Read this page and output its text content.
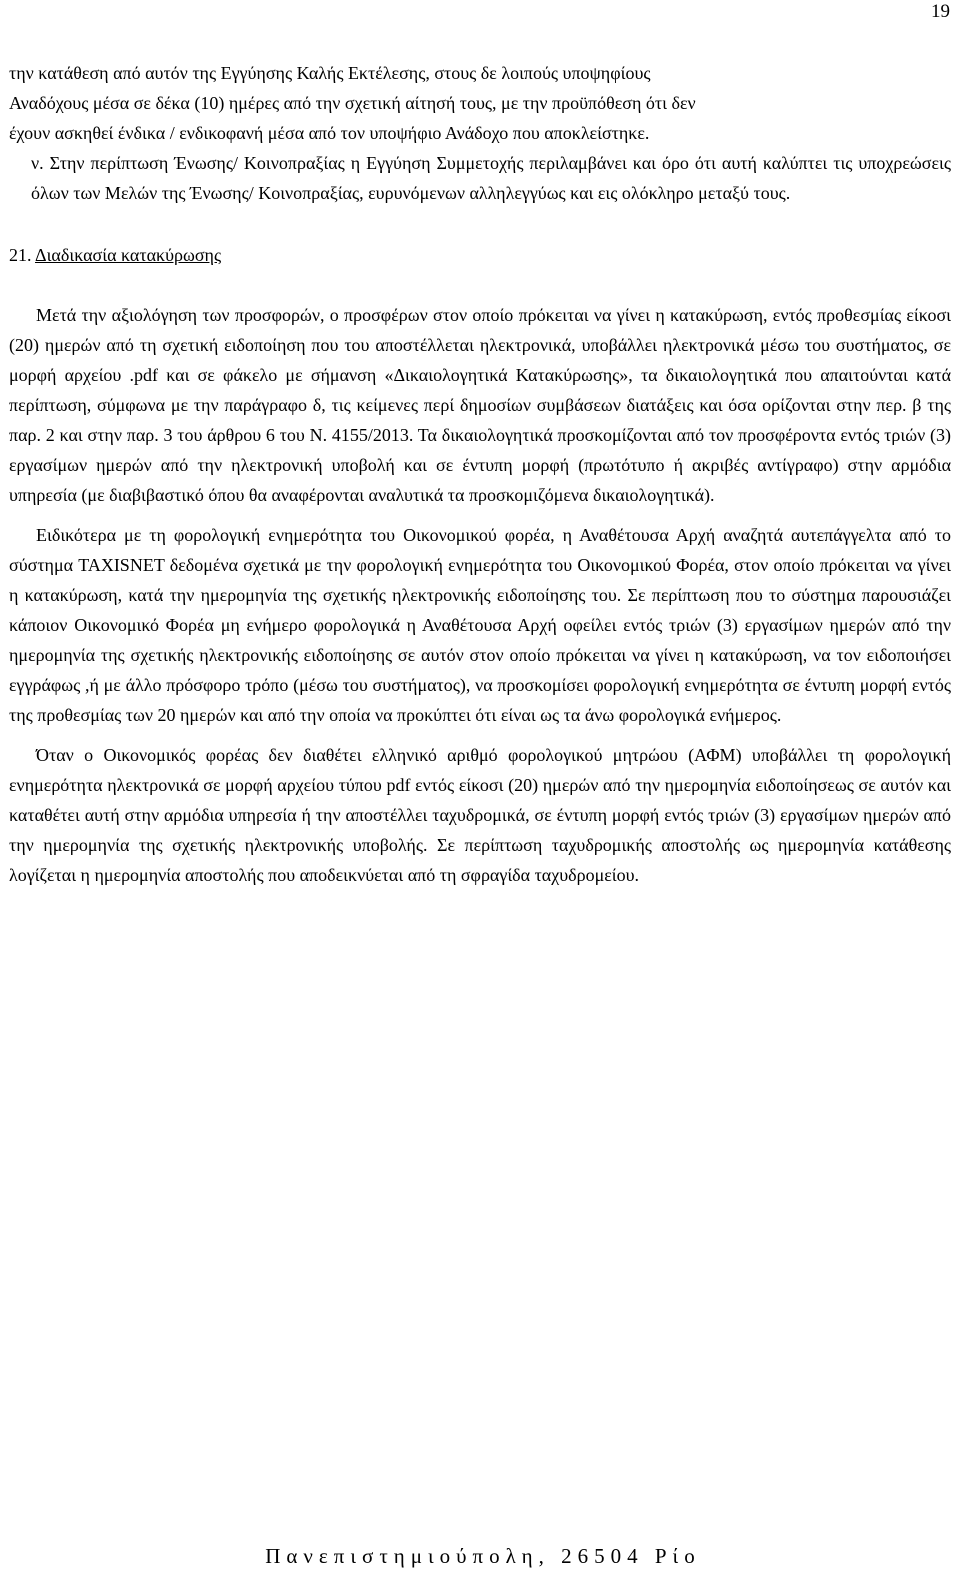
19
την κατάθεση από αυτόν της Εγγύησης Καλής Εκτέλεσης, στους δε λοιπούς υποψηφίους
Αναδόχους μέσα σε δέκα (10) ημέρες από την σχετική αίτησή τους, με την προϋπόθεση ότι δεν
έχουν ασκηθεί ένδικα / ενδικοφανή μέσα από τον υποψήφιο Ανάδοχο που αποκλείστηκε.

ν. Στην περίπτωση Ένωσης/ Κοινοπραξίας η Εγγύηση Συμμετοχής περιλαμβάνει και όρο ότι αυτή καλύπτει τις υποχρεώσεις όλων των Μελών της Ένωσης/ Κοινοπραξίας, ευρυνόμενων αλληλεγγύως και εις ολόκληρο μεταξύ τους.

21. Διαδικασία κατακύρωσης

Μετά την αξιολόγηση των προσφορών, ο προσφέρων στον οποίο πρόκειται να γίνει η κατακύρωση, εντός προθεσμίας είκοσι (20) ημερών από τη σχετική ειδοποίηση που του αποστέλλεται ηλεκτρονικά, υποβάλλει ηλεκτρονικά μέσω του συστήματος, σε μορφή αρχείου .pdf και σε φάκελο με σήμανση «Δικαιολογητικά Κατακύρωσης», τα δικαιολογητικά που απαιτούνται κατά περίπτωση, σύμφωνα με την παράγραφο δ, τις κείμενες περί δημοσίων συμβάσεων διατάξεις και όσα ορίζονται στην περ. β της παρ. 2 και στην παρ. 3 του άρθρου 6 του Ν. 4155/2013. Τα δικαιολογητικά προσκομίζονται από τον προσφέροντα εντός τριών (3) εργασίμων ημερών από την ηλεκτρονική υποβολή και σε έντυπη μορφή (πρωτότυπο ή ακριβές αντίγραφο) στην αρμόδια υπηρεσία (με διαβιβαστικό όπου θα αναφέρονται αναλυτικά τα προσκομιζόμενα δικαιολογητικά).

Ειδικότερα με τη φορολογική ενημερότητα του Οικονομικού φορέα, η Αναθέτουσα Αρχή αναζητά αυτεπάγγελτα από το σύστημα TAXISNET δεδομένα σχετικά με την φορολογική ενημερότητα του Οικονομικού Φορέα, στον οποίο πρόκειται να γίνει η κατακύρωση, κατά την ημερομηνία της σχετικής ηλεκτρονικής ειδοποίησης του. Σε περίπτωση που το σύστημα παρουσιάζει κάποιον Οικονομικό Φορέα μη ενήμερο φορολογικά η Αναθέτουσα Αρχή οφείλει εντός τριών (3) εργασίμων ημερών από την ημερομηνία της σχετικής ηλεκτρονικής ειδοποίησης σε αυτόν στον οποίο πρόκειται να γίνει η κατακύρωση, να τον ειδοποιήσει εγγράφως ,ή με άλλο πρόσφορο τρόπο (μέσω του συστήματος), να προσκομίσει φορολογική ενημερότητα σε έντυπη μορφή εντός της προθεσμίας των 20 ημερών και από την οποία να προκύπτει ότι είναι ως τα άνω φορολογικά ενήμερος.

Όταν ο Οικονομικός φορέας δεν διαθέτει ελληνικό αριθμό φορολογικού μητρώου (ΑΦΜ) υποβάλλει τη φορολογική ενημερότητα ηλεκτρονικά σε μορφή αρχείου τύπου pdf εντός είκοσι (20) ημερών από την ημερομηνία ειδοποίησεως σε αυτόν και καταθέτει αυτή στην αρμόδια υπηρεσία ή την αποστέλλει ταχυδρομικά, σε έντυπη μορφή εντός τριών (3) εργασίμων ημερών από την ημερομηνία της σχετικής ηλεκτρονικής υποβολής. Σε περίπτωση ταχυδρομικής αποστολής ως ημερομηνία κατάθεσης λογίζεται η ημερομηνία αποστολής που αποδεικνύεται από τη σφραγίδα ταχυδρομείου.

Πανεπιστημιούπολη, 26504 Ρίο
